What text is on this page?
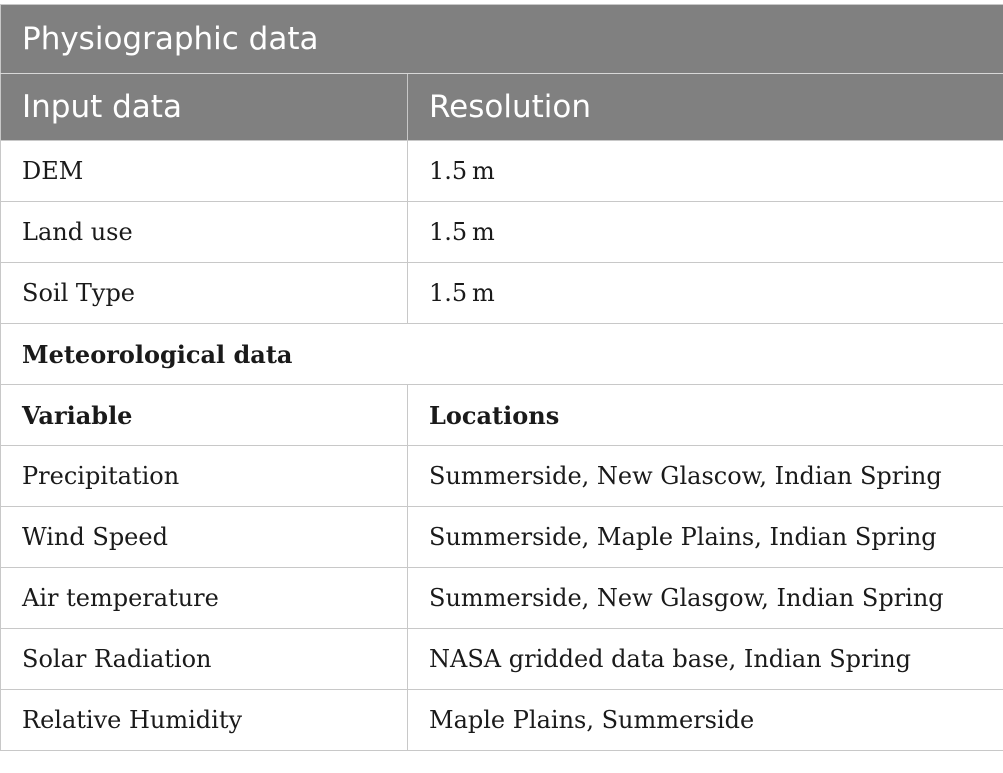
Physiographic data	
Input data	Resolution
DEM	1.5 m
Land use	1.5 m
Soil Type	1.5 m
Meteorological data	
Variable	Locations
Precipitation	Summerside, New Glascow, Indian Spring
Wind Speed	Summerside, Maple Plains, Indian Spring
Air temperature	Summerside, New Glasgow, Indian Spring
Solar Radiation	NASA gridded data base, Indian Spring
Relative Humidity	Maple Plains, Summerside
